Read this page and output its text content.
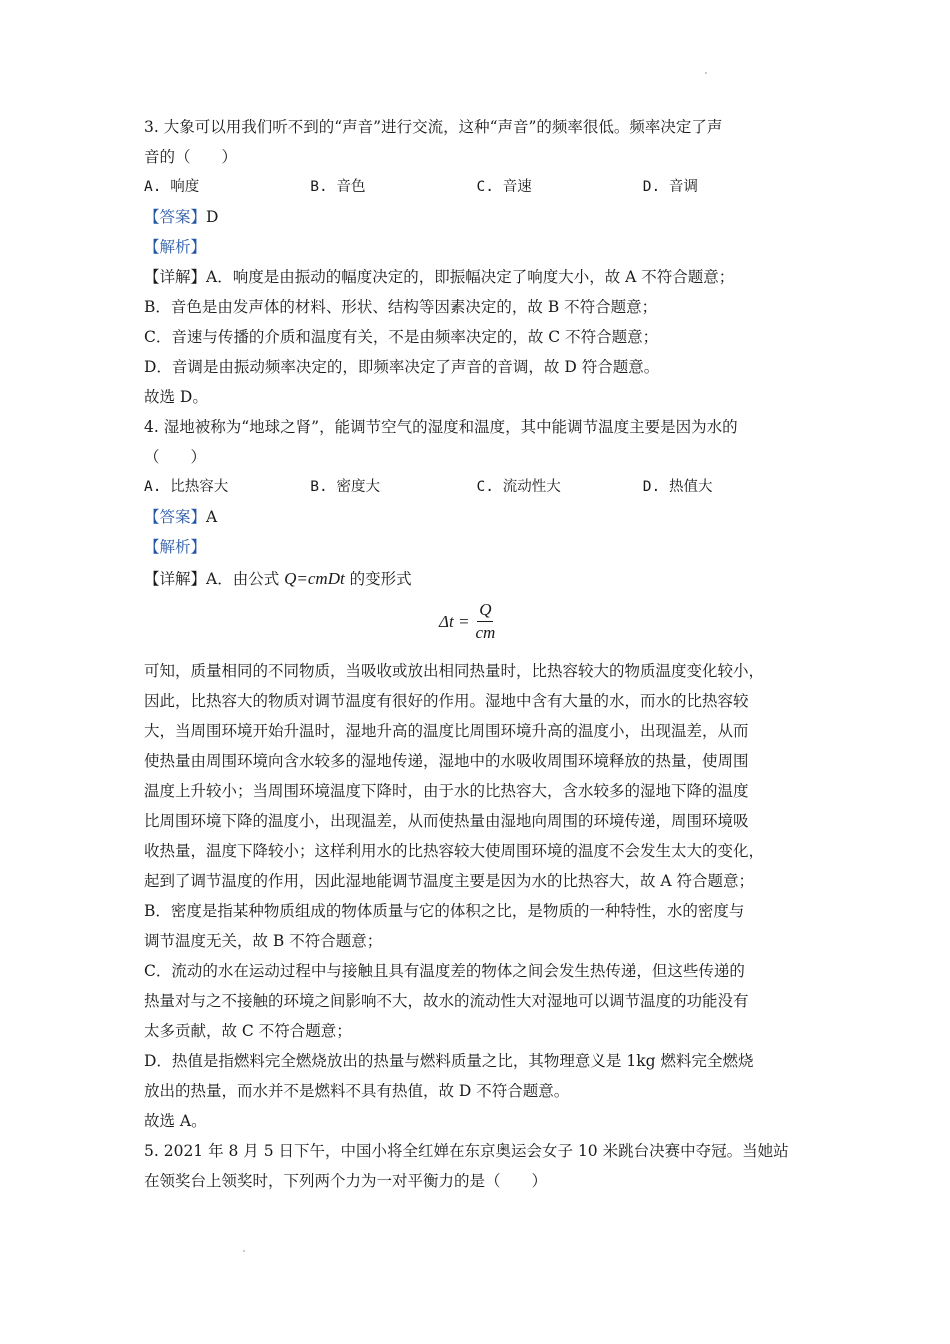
3. 大象可以用我们听不到的“声音”进行交流，这种“声音”的频率很低。频率决定了声
音的（　　）
A. 响度	B. 音色	C. 音速	D. 音调
【答案】D
【解析】
【详解】A．响度是由振动的幅度决定的，即振幅决定了响度大小，故 A 不符合题意；
B．音色是由发声体的材料、形状、结构等因素决定的，故 B 不符合题意；
C．音速与传播的介质和温度有关，不是由频率决定的，故 C 不符合题意；
D．音调是由振动频率决定的，即频率决定了声音的音调，故 D 符合题意。
故选 D。
4. 湿地被称为“地球之肾”，能调节空气的湿度和温度，其中能调节温度主要是因为水的
（　　）
A. 比热容大	B. 密度大	C. 流动性大	D. 热值大
【答案】A
【解析】
【详解】A．由公式 Q=cmDt 的变形式
$\Delta t = \frac{Q}{cm}$
可知，质量相同的不同物质，当吸收或放出相同热量时，比热容较大的物质温度变化较小，
因此，比热容大的物质对调节温度有很好的作用。湿地中含有大量的水，而水的比热容较
大，当周围环境开始升温时，湿地升高的温度比周围环境升高的温度小，出现温差，从而
使热量由周围环境向含水较多的湿地传递，湿地中的水吸收周围环境释放的热量，使周围
温度上升较小；当周围环境温度下降时，由于水的比热容大，含水较多的湿地下降的温度
比周围环境下降的温度小，出现温差，从而使热量由湿地向周围的环境传递，周围环境吸
收热量，温度下降较小；这样利用水的比热容较大使周围环境的温度不会发生太大的变化，
起到了调节温度的作用，因此湿地能调节温度主要是因为水的比热容大，故 A 符合题意；
B．密度是指某种物质组成的物体质量与它的体积之比，是物质的一种特性，水的密度与
调节温度无关，故 B 不符合题意；
C．流动的水在运动过程中与接触且具有温度差的物体之间会发生热传递，但这些传递的
热量对与之不接触的环境之间影响不大，故水的流动性大对湿地可以调节温度的功能没有
太多贡献，故 C 不符合题意；
D．热值是指燃料完全燃烧放出的热量与燃料质量之比，其物理意义是 1kg 燃料完全燃烧
放出的热量，而水并不是燃料不具有热值，故 D 不符合题意。
故选 A。
5. 2021 年 8 月 5 日下午，中国小将全红婵在东京奥运会女子 10 米跳台决赛中夺冠。当她站
在领奖台上领奖时，下列两个力为一对平衡力的是（　　）
